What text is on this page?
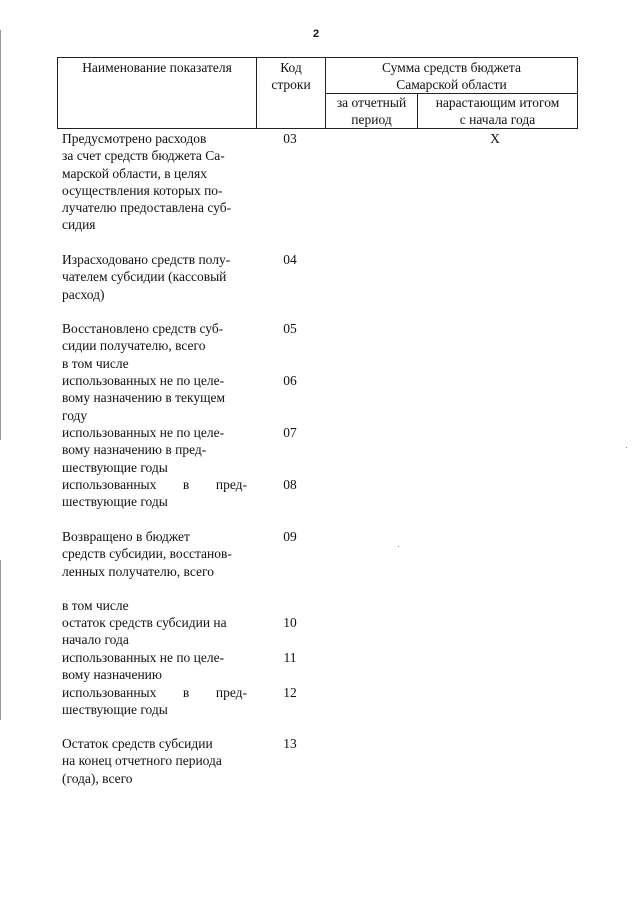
2
Наименование показателя	Код
строки
Сумма средств бюджета
Самарской области
за отчетный
период
нарастающим итогом
с начала года
Предусмотрено расходов
за счет средств бюджета Са-
марской области, в целях
осуществления которых по-
лучателю предоставлена суб-
сидия
03	X
Израсходовано средств полу-
чателем субсидии (кассовый
расход)
04
Восстановлено средств суб-
сидии получателю, всего
в том числе
05
использованных не по целе-
вому назначению в текущем
году
06
использованных не по целе-
вому назначению в пред-
шествующие годы
07
использованных в пред-
шествующие годы
08
Возвращено в бюджет
средств субсидии, восстанов-
ленных получателю, всего
09
в том числе
остаток средств субсидии на
начало года
10
использованных не по целе-
вому назначению
11
использованных в пред-
шествующие годы
12
Остаток средств субсидии
на конец отчетного периода
(года), всего
13
